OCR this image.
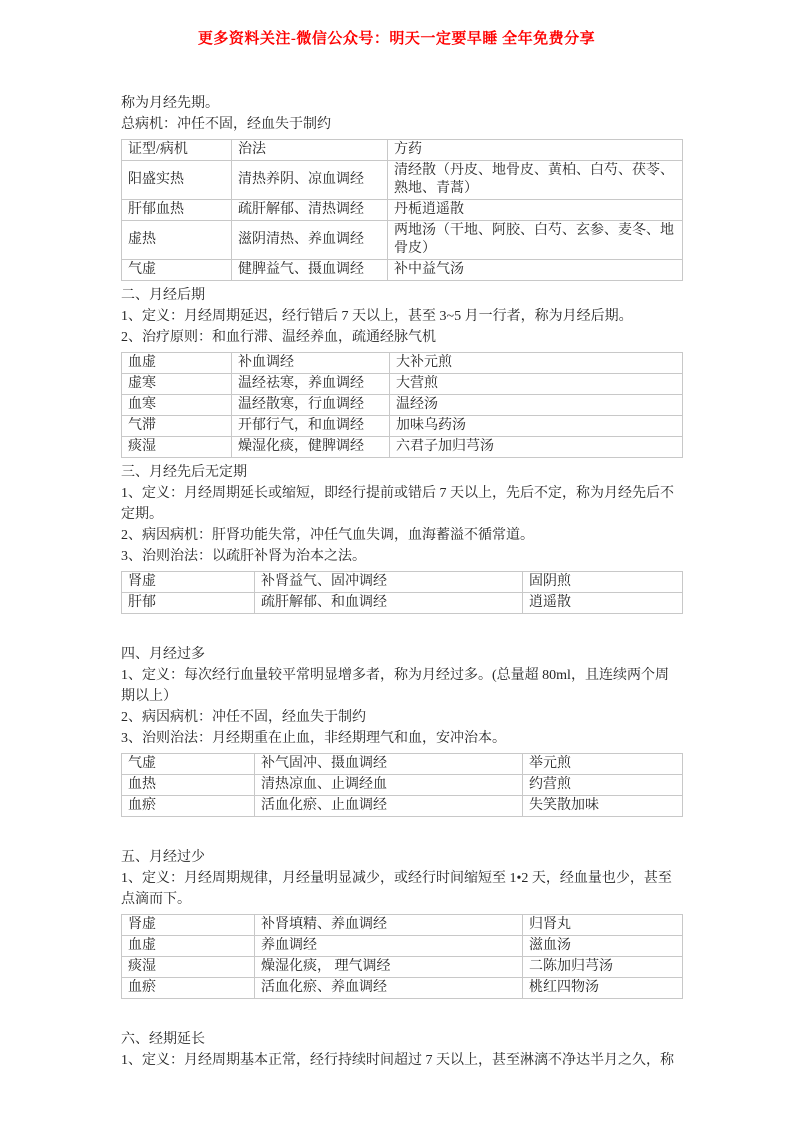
更多资料关注-微信公众号：明天一定要早睡 全年免费分享

称为月经先期。

总病机：冲任不固，经血失于制约

证型/病机	治法	方药
阳盛实热	清热养阴、凉血调经	清经散（丹皮、地骨皮、黄柏、白芍、茯苓、熟地、青蒿）
肝郁血热	疏肝解郁、清热调经	丹栀逍遥散
虚热	滋阴清热、养血调经	两地汤（干地、阿胶、白芍、玄参、麦冬、地骨皮）
气虚	健脾益气、摄血调经	补中益气汤

二、月经后期

1、定义：月经周期延迟，经行错后 7 天以上，甚至 3~5 月一行者，称为月经后期。

2、治疗原则：和血行滞、温经养血，疏通经脉气机

血虚	补血调经	大补元煎
虚寒	温经祛寒，养血调经	大营煎
血寒	温经散寒，行血调经	温经汤
气滞	开郁行气，和血调经	加味乌药汤
痰湿	燥湿化痰，健脾调经	六君子加归芎汤

三、月经先后无定期

1、定义：月经周期延长或缩短，即经行提前或错后 7 天以上，先后不定，称为月经先后不定期。

2、病因病机：肝肾功能失常，冲任气血失调，血海蓄溢不循常道。

3、治则治法：以疏肝补肾为治本之法。

肾虚	补肾益气、固冲调经	固阴煎
肝郁	疏肝解郁、和血调经	逍遥散

四、月经过多

1、定义：每次经行血量较平常明显增多者，称为月经过多。(总量超 80ml，且连续两个周期以上）

2、病因病机：冲任不固，经血失于制约

3、治则治法：月经期重在止血，非经期理气和血，安冲治本。

气虚	补气固冲、摄血调经	举元煎
血热	清热凉血、止调经血	约营煎
血瘀	活血化瘀、止血调经	失笑散加味

五、月经过少

1、定义：月经周期规律，月经量明显减少，或经行时间缩短至 1•2 天，经血量也少，甚至点滴而下。

肾虚	补肾填精、养血调经	归肾丸
血虚	养血调经	滋血汤
痰湿	燥湿化痰， 理气调经	二陈加归芎汤
血瘀	活血化瘀、养血调经	桃红四物汤

六、经期延长

1、定义：月经周期基本正常，经行持续时间超过 7 天以上，甚至淋漓不净达半月之久，称
